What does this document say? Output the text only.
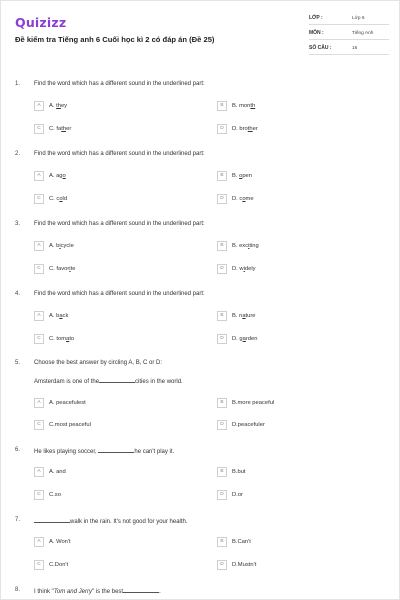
Quizizz
Đề kiểm tra Tiếng anh 6 Cuối học kì 2 có đáp án (Đề 25)
LỚP :	Lớp 6
MÔN :	Tiếng Anh
SỐ CÂU :	16
1. Find the word which has a different sound in the underlined part:
A	A. they	B	B. month
C	C. father	D	D. brother
2. Find the word which has a different sound in the underlined part:
A	A. ago	B	B. open
C	C. cold	D	D. come
3. Find the word which has a different sound in the underlined part:
A	A. bicycle	B	B. exciting
C	C. favorite	D	D. widely
4. Find the word which has a different sound in the underlined part:
A	A. back	B	B. nature
C	C. tomato	D	D. garden
5. Choose the best answer by circling A, B, C or D:
Amsterdam is one of the	cities in the world.
A	A. peacefulest	B	B.more peaceful
C	C.most peaceful	D	D.peacefuler
6. He likes playing soccer,	he can't play it.
A	A. and	B	B.but
C	C.so	D	D.or
7.	walk in the rain. It's not good for your health.
A	A. Won't	B	B.Can't
C	C.Don't	D	D.Mustn't
8. I think "Tom and Jerry" is the best	.
